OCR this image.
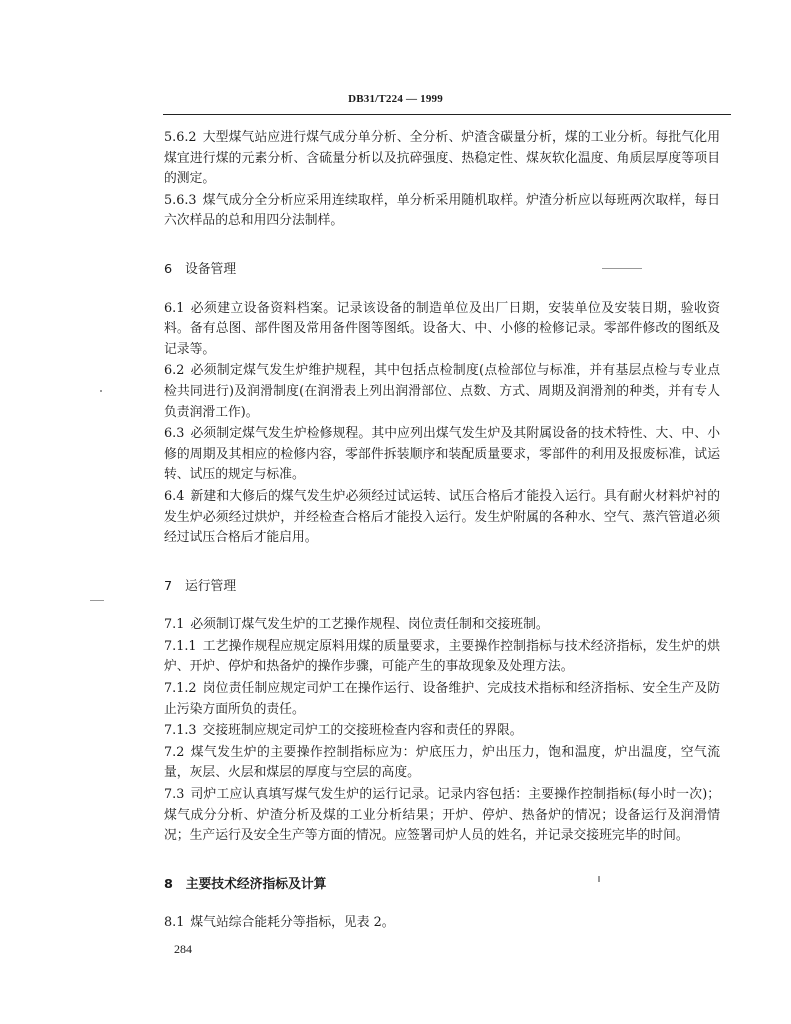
DB31/T224 — 1999

5.6.2 大型煤气站应进行煤气成分单分析、全分析、炉渣含碳量分析，煤的工业分析。每批气化用煤宜进行煤的元素分析、含硫量分析以及抗碎强度、热稳定性、煤灰软化温度、角质层厚度等项目的测定。

5.6.3 煤气成分全分析应采用连续取样，单分析采用随机取样。炉渣分析应以每班两次取样，每日六次样品的总和用四分法制样。

6　设备管理

6.1 必须建立设备资料档案。记录该设备的制造单位及出厂日期，安装单位及安装日期，验收资料。备有总图、部件图及常用备件图等图纸。设备大、中、小修的检修记录。零部件修改的图纸及记录等。

6.2 必须制定煤气发生炉维护规程，其中包括点检制度(点检部位与标准，并有基层点检与专业点检共同进行)及润滑制度(在润滑表上列出润滑部位、点数、方式、周期及润滑剂的种类，并有专人负责润滑工作)。

6.3 必须制定煤气发生炉检修规程。其中应列出煤气发生炉及其附属设备的技术特性、大、中、小修的周期及其相应的检修内容，零部件拆装顺序和装配质量要求，零部件的利用及报废标准，试运转、试压的规定与标准。

6.4 新建和大修后的煤气发生炉必须经过试运转、试压合格后才能投入运行。具有耐火材料炉衬的发生炉必须经过烘炉，并经检查合格后才能投入运行。发生炉附属的各种水、空气、蒸汽管道必须经过试压合格后才能启用。

7　运行管理

7.1 必须制订煤气发生炉的工艺操作规程、岗位责任制和交接班制。

7.1.1 工艺操作规程应规定原料用煤的质量要求，主要操作控制指标与技术经济指标，发生炉的烘炉、开炉、停炉和热备炉的操作步骤，可能产生的事故现象及处理方法。

7.1.2 岗位责任制应规定司炉工在操作运行、设备维护、完成技术指标和经济指标、安全生产及防止污染方面所负的责任。

7.1.3 交接班制应规定司炉工的交接班检查内容和责任的界限。

7.2 煤气发生炉的主要操作控制指标应为：炉底压力，炉出压力，饱和温度，炉出温度，空气流量，灰层、火层和煤层的厚度与空层的高度。

7.3 司炉工应认真填写煤气发生炉的运行记录。记录内容包括：主要操作控制指标(每小时一次)；煤气成分分析、炉渣分析及煤的工业分析结果；开炉、停炉、热备炉的情况；设备运行及润滑情况；生产运行及安全生产等方面的情况。应签署司炉人员的姓名，并记录交接班完毕的时间。

8　主要技术经济指标及计算

8.1 煤气站综合能耗分等指标，见表 2。

284
